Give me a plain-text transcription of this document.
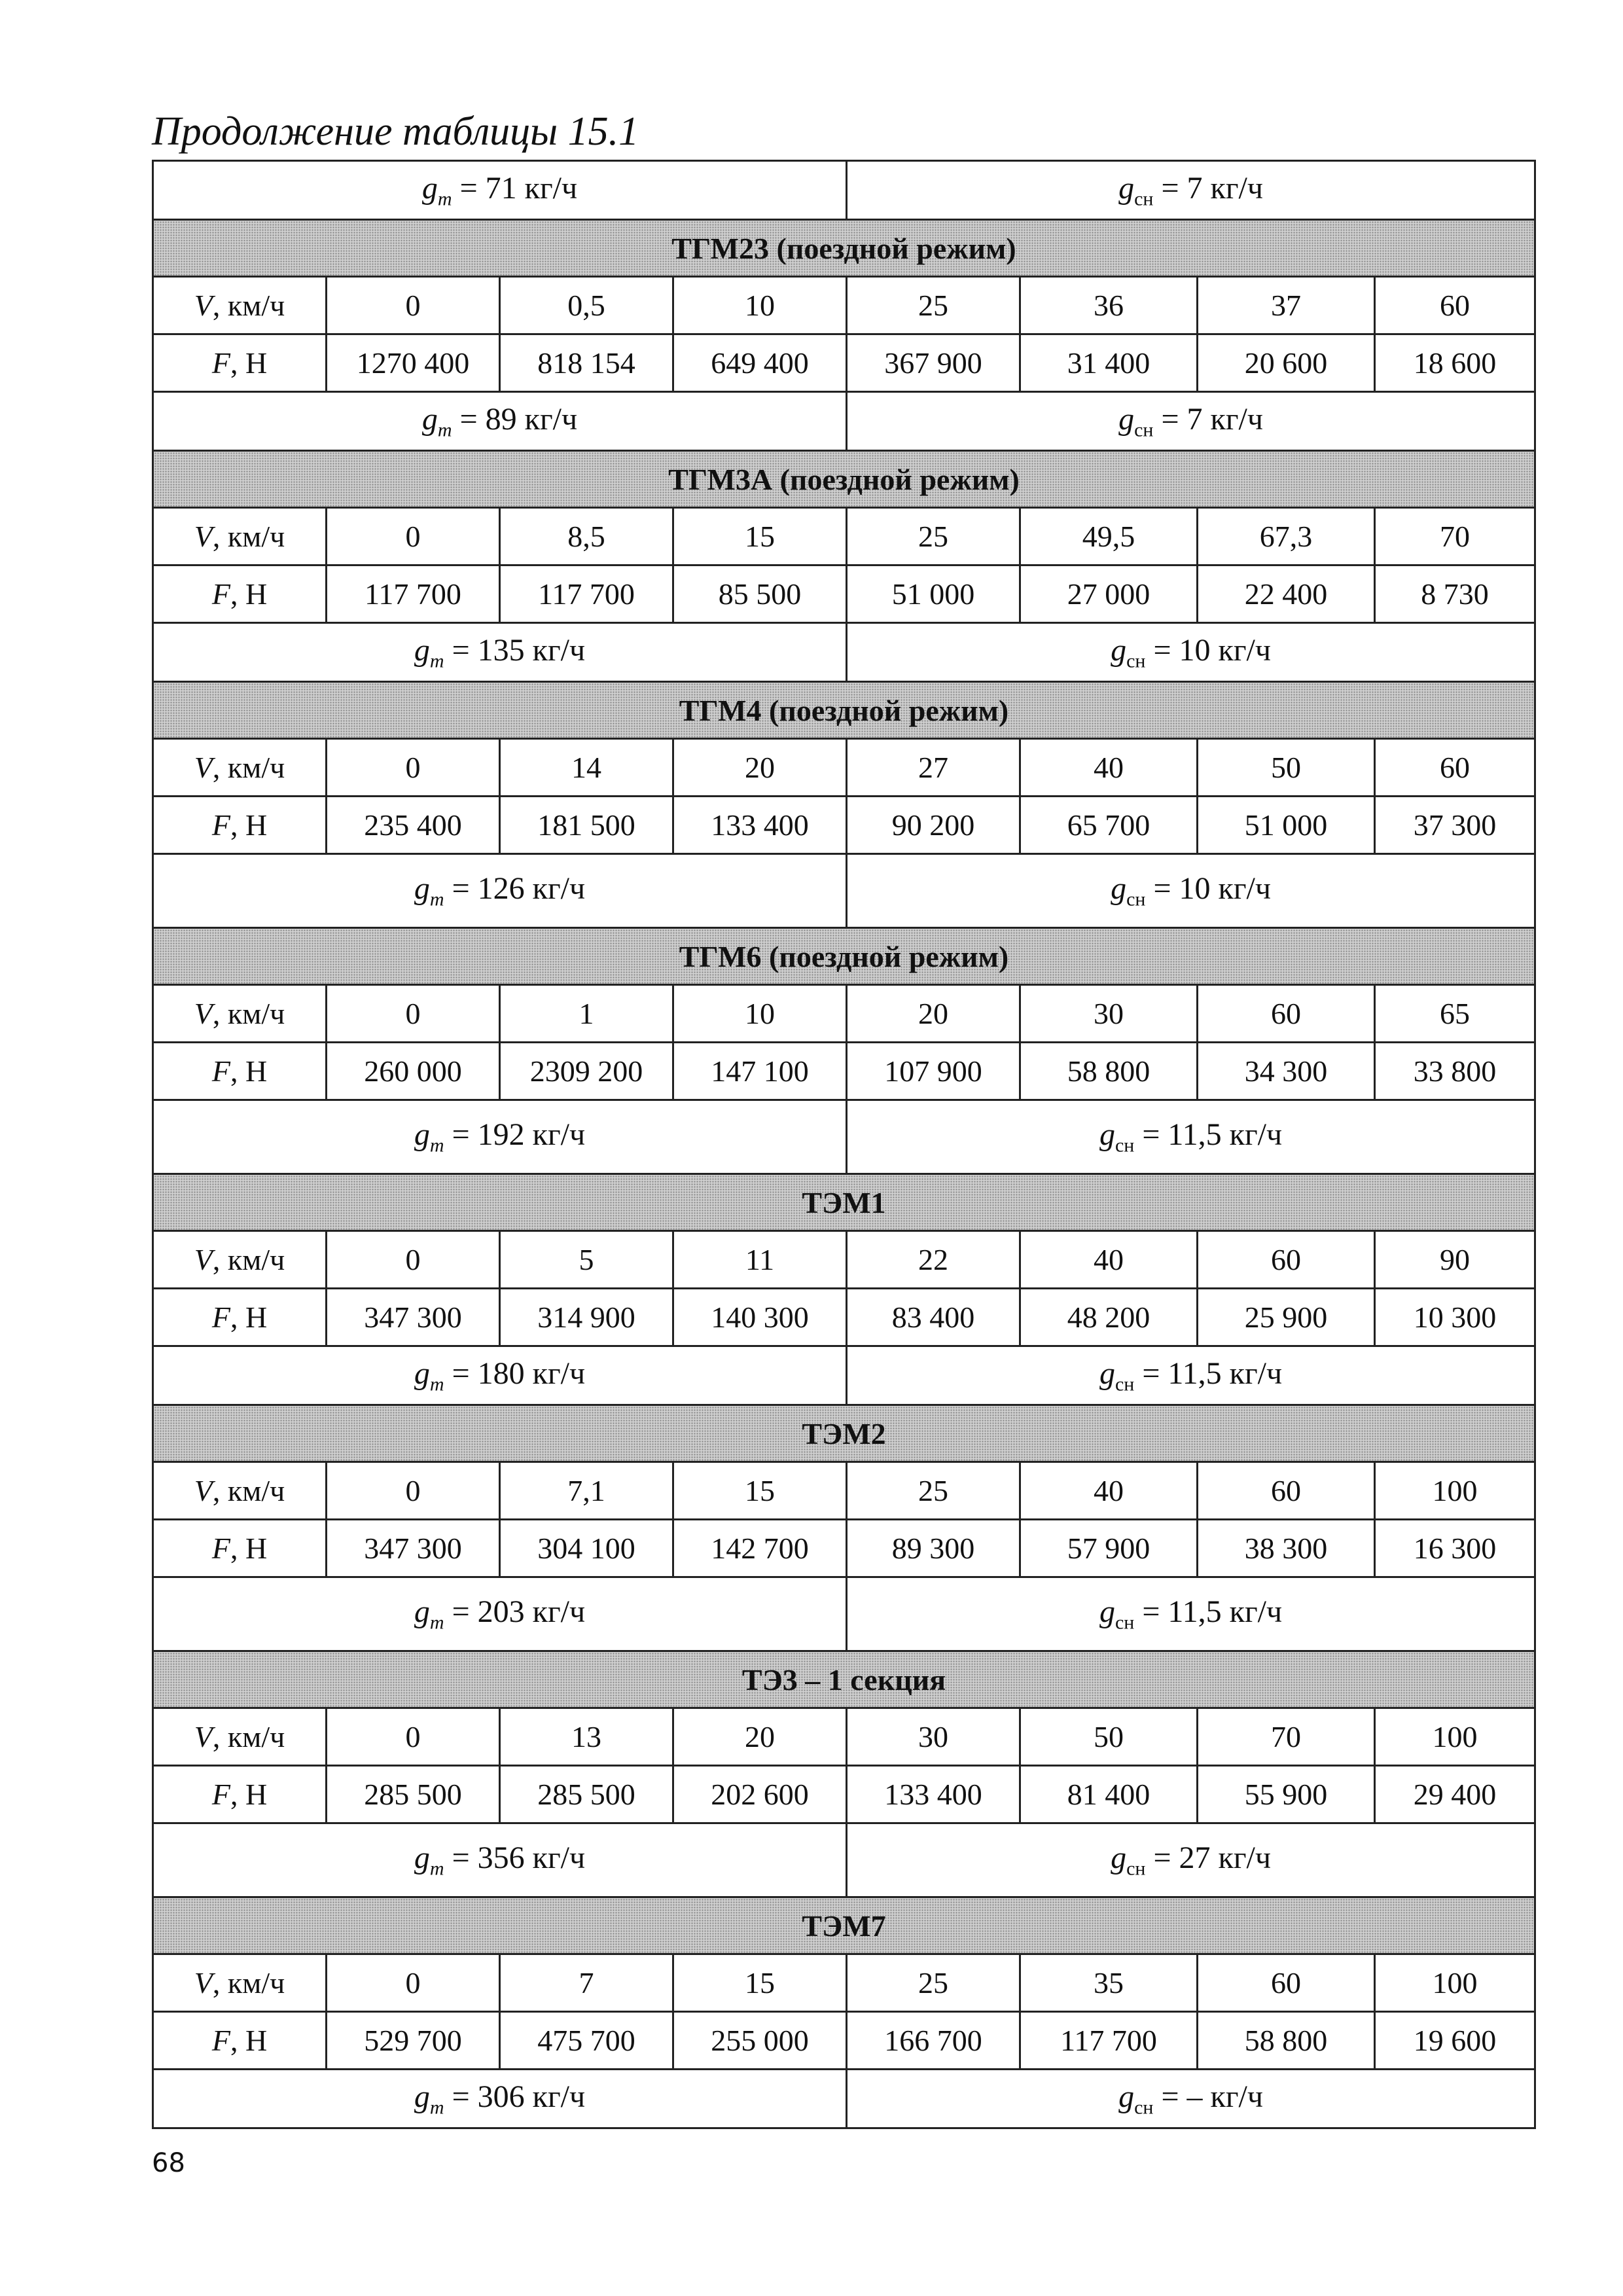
Продолжение таблицы 15.1
$g_m = 71$ кг/ч				$g_{сн} = 7$ кг/ч			
ТГМ23 (поездной режим)							
V, км/ч	0	0,5	10	25	36	37	60
F, Н	1270 400	818 154	649 400	367 900	31 400	20 600	18 600
$g_m = 89$ кг/ч				$g_{сн} = 7$ кг/ч			
ТГМ3А (поездной режим)							
V, км/ч	0	8,5	15	25	49,5	67,3	70
F, Н	117 700	117 700	85 500	51 000	27 000	22 400	8 730
$g_m = 135$ кг/ч				$g_{сн} = 10$ кг/ч			
ТГМ4 (поездной режим)							
V, км/ч	0	14	20	27	40	50	60
F, Н	235 400	181 500	133 400	90 200	65 700	51 000	37 300
$g_m = 126$ кг/ч				$g_{сн} = 10$ кг/ч			
ТГМ6 (поездной режим)							
V, км/ч	0	1	10	20	30	60	65
F, Н	260 000	2309 200	147 100	107 900	58 800	34 300	33 800
$g_m = 192$ кг/ч				$g_{сн} = 11,5$ кг/ч			
ТЭМ1							
V, км/ч	0	5	11	22	40	60	90
F, Н	347 300	314 900	140 300	83 400	48 200	25 900	10 300
$g_m = 180$ кг/ч				$g_{сн} = 11,5$ кг/ч			
ТЭМ2							
V, км/ч	0	7,1	15	25	40	60	100
F, Н	347 300	304 100	142 700	89 300	57 900	38 300	16 300
$g_m = 203$ кг/ч				$g_{сн} = 11,5$ кг/ч			
ТЭ3 – 1 секция							
V, км/ч	0	13	20	30	50	70	100
F, Н	285 500	285 500	202 600	133 400	81 400	55 900	29 400
$g_m = 356$ кг/ч				$g_{сн} = 27$ кг/ч			
ТЭМ7							
V, км/ч	0	7	15	25	35	60	100
F, Н	529 700	475 700	255 000	166 700	117 700	58 800	19 600
$g_m = 306$ кг/ч				$g_{сн}$ = – кг/ч			
68
